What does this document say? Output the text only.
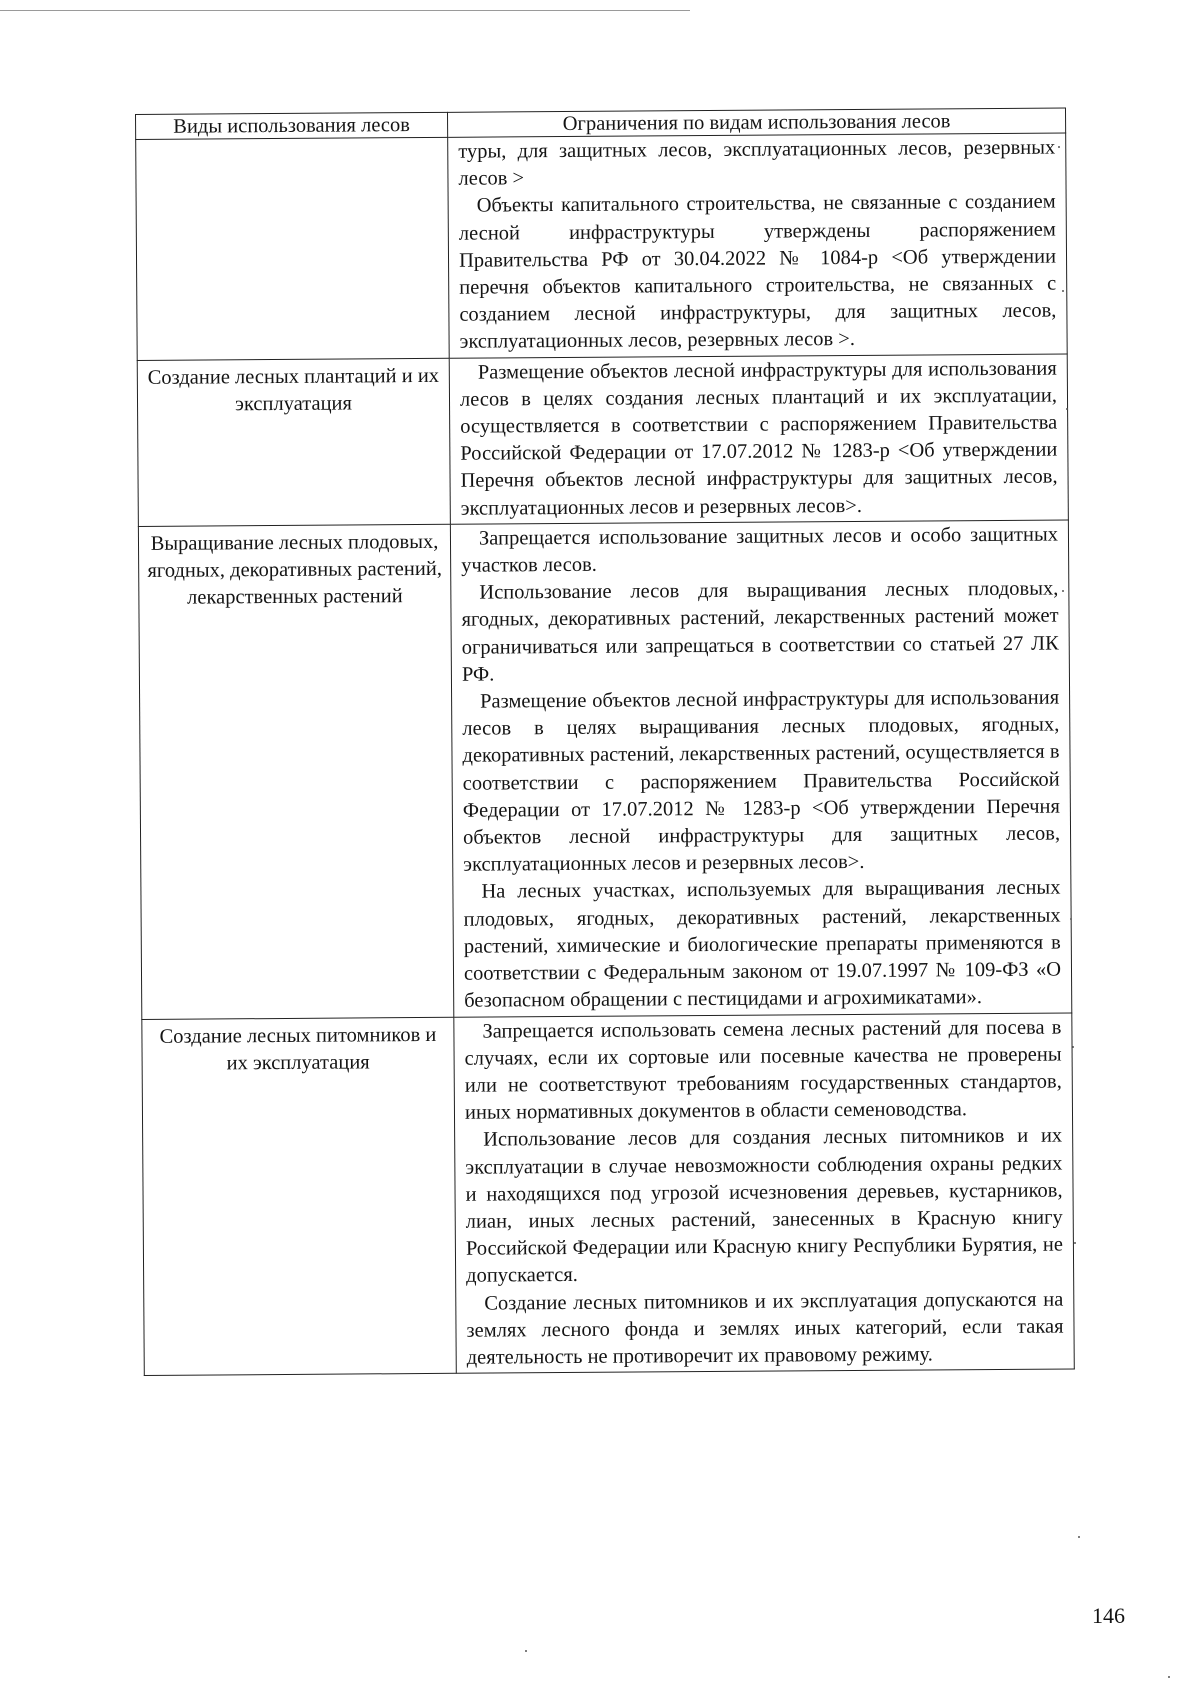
Виды использования лесов	Ограничения по видам использования лесов

	туры, для защитных лесов, эксплуатационных лесов, резервных лесов >

Объекты капитального строительства, не связанные с созданием лесной инфраструктуры утверждены распоряжением Правительства РФ от 30.04.2022 № 1084-р <Об утверждении перечня объектов капитального строительства, не связанных с созданием лесной инфраструктуры, для защитных лесов, эксплуатационных лесов, резервных лесов >.

Создание лесных плантаций и их эксплуатация	Размещение объектов лесной инфраструктуры для использования лесов в целях создания лесных плантаций и их эксплуатации, осуществляется в соответствии с распоряжением Правительства Российской Федерации от 17.07.2012 № 1283-р <Об утверждении Перечня объектов лесной инфраструктуры для защитных лесов, эксплуатационных лесов и резервных лесов>.

Выращивание лесных плодовых, ягодных, декоративных растений, лекарственных растений	Запрещается использование защитных лесов и особо защитных участков лесов.

Использование лесов для выращивания лесных плодовых, ягодных, декоративных растений, лекарственных растений может ограничиваться или запрещаться в соответствии со статьей 27 ЛК РФ.

Размещение объектов лесной инфраструктуры для использования лесов в целях выращивания лесных плодовых, ягодных, декоративных растений, лекарственных растений, осуществляется в соответствии с распоряжением Правительства Российской Федерации от 17.07.2012 № 1283-р <Об утверждении Перечня объектов лесной инфраструктуры для защитных лесов, эксплуатационных лесов и резервных лесов>.

На лесных участках, используемых для выращивания лесных плодовых, ягодных, декоративных растений, лекарственных растений, химические и биологические препараты применяются в соответствии с Федеральным законом от 19.07.1997 № 109-ФЗ «О безопасном обращении с пестицидами и агрохимикатами».

Создание лесных питомников и их эксплуатация	Запрещается использовать семена лесных растений для посева в случаях, если их сортовые или посевные качества не проверены или не соответствуют требованиям государственных стандартов, иных нормативных документов в области семеноводства.

Использование лесов для создания лесных питомников и их эксплуатации в случае невозможности соблюдения охраны редких и находящихся под угрозой исчезновения деревьев, кустарников, лиан, иных лесных растений, занесенных в Красную книгу Российской Федерации или Красную книгу Республики Бурятия, не допускается.

Создание лесных питомников и их эксплуатация допускаются на землях лесного фонда и землях иных категорий, если такая деятельность не противоречит их правовому режиму.

146
